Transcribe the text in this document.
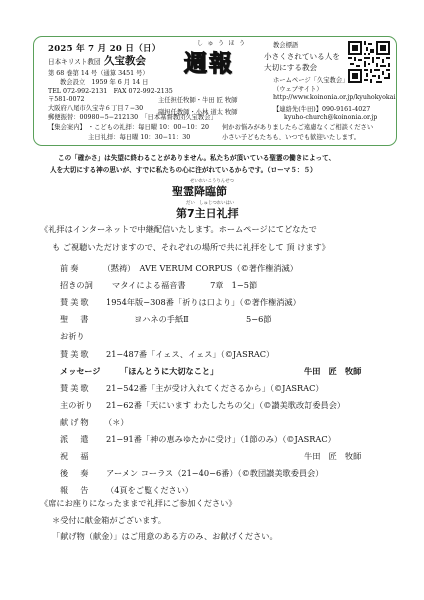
2025 年 7 月 20 日（日）
日本キリスト教団 久宝教会
第 68 巻第 14 号（通算 3451 号）
教会設立　1959 年 6 月 14 日
TEL 072-992-2131　FAX 072-992-2135
しゅうほう
週報
教会標語
小さくされている人を
大切にする教会
ホームページ「久宝教会」
（ウェブサイト）
〒581-0072
大阪府八尾市久宝寺６丁目７−30
郵便振替：00980−5−212130　「日本基督教団久宝教会」
主任担任牧師・牛田 匠 牧師
副担任教師・小林 道太 牧師
http://www.koinonia.or.jp/kyuhokyokai
【連絡先(牛田)】090-9161-4027
kyuho-church@koinonia.or.jp
【集会案内】 ・こどもの礼拝：毎日曜 10：00−10：20 何かお悩みがありましたらご遠慮なくご相談ください
主日礼拝：毎日曜 10：30−11：30	小さい子どもたちも、いつでも歓迎いたします。
この「確かさ」は失望に終わることがありません。私たちが頂いている聖霊の働きによって、
人を大切にする神の思いが、すでに私たちの心に注がれているからです。（ローマ５：５）
せいれいこうりんせつ
聖霊降臨節
だい　しゅじつれいはい
第7主日礼拝
《礼拝はインターネットで中継配信いたします。ホームページにてどなたで
も ご視聴いただけますので、それぞれの場所で共に礼拝をして 頂 けます》
前奏	（黙祷）　AVE VERUM CORPUS（©著作権消滅）
招きの詞 マタイによる福音書　　　7章　1−5節
賛美歌 1954年版−308番「祈りは口より」（©著作権消滅）
聖書	ヨハネの手紙Ⅱ　　　　　　　5−6節
お祈り
賛美歌 21−487番「イェス、イェス」（©JASRAC）
メッセージ 「ほんとうに大切なこと」	牛田　匠　牧師
賛美歌 21−542番「主が受け入れてくださるから」（©JASRAC）
主の祈り 21−62番「天にいます わたしたちの父」（©讃美歌改訂委員会）
献げ物 （＊）
派遣 21−91番「神の恵みゆたかに受け」（1節のみ）（©JASRAC）
祝福	牛田　匠　牧師
後奏 アーメン コーラス（21−40−6番）（©教団讃美歌委員会）
報告 （4頁をご覧ください）
《席にお座りになったままで礼拝にご参加ください》
＊受付に献金箱がございます。
「献げ物（献金）」はご用意のある方のみ、お献げください。
